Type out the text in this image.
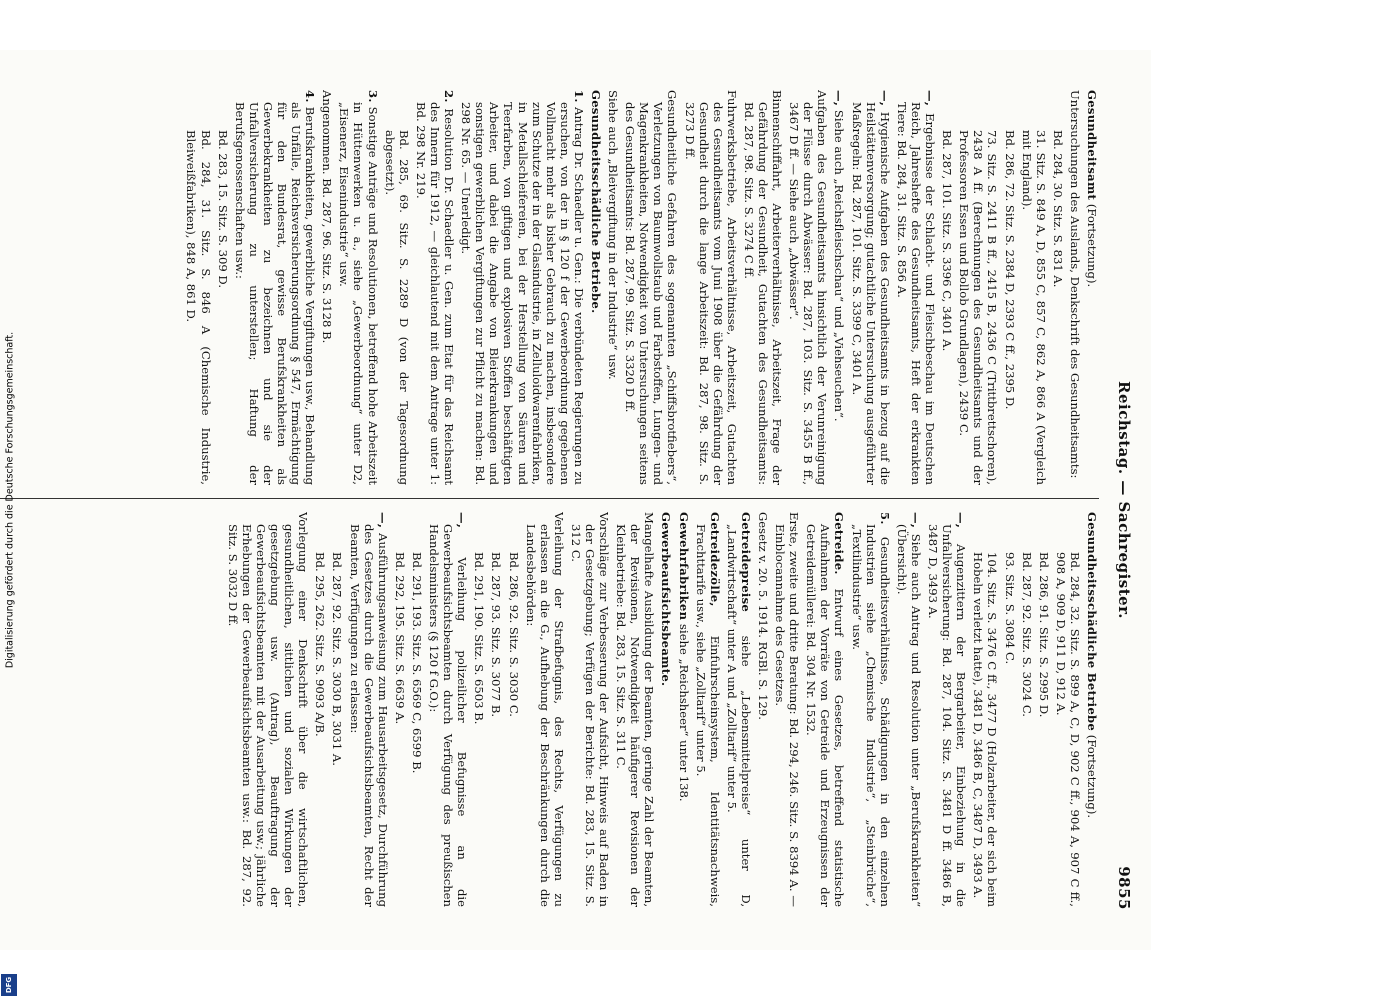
Reichstag. — Sachregister.
9855

Gesundheitsamt (Fortsetzung).

Untersuchungen des Auslands, Denkschrift des Gesundheitsamts:

Bd. 284, 30. Sitz. S. 831 A.

31. Sitz. S. 849 A, D, 855 C, 857 C, 862 A, 866 A (Vergleich mit England).

Bd. 286, 72. Sitz. S. 2384 D, 2393 C ff., 2395 D.

73. Sitz. S. 2411 B ff., 2415 B, 2436 C (Trittbrettschoren), 2438 A ff. (Berechnungen des Gesundheitsamts und der Professoren Essen und Bollob Grundlagen), 2439 C.

Bd. 287, 101. Sitz. S. 3396 C, 3401 A.

—, Ergebnisse der Schlacht- und Fleischbeschau im Deutschen Reich, Jahreshefte des Gesundheitsamts, Heft der erkrankten Tiere: Bd. 284, 31. Sitz. S. 856 A.

—, Hygienische Aufgaben des Gesundheitsamts in bezug auf die Heilstättenversorgung; gutachtliche Untersuchung ausgeführter Maßregeln: Bd. 287, 101. Sitz. S. 3399 C, 3401 A.

—, Siehe auch „Reichsfleischschau“ und „Viehseuchen“.

Aufgaben des Gesundheitsamts hinsichtlich der Verunreinigung der Flüsse durch Abwässer: Bd. 287, 103. Sitz. S. 3455 B ff., 3467 D ff. — Siehe auch „Abwässer“.

Binnenschiffahrt, Arbeiterverhältnisse, Arbeitszeit, Frage der Gefährdung der Gesundheit, Gutachten des Gesundheitsamts: Bd. 287, 98. Sitz. S. 3274 C ff.

Fuhrwerksbetriebe, Arbeitsverhältnisse, Arbeitszeit, Gutachten des Gesundheitsamts vom Juni 1908 über die Gefährdung der Gesundheit durch die lange Arbeitszeit: Bd. 287, 98. Sitz. S. 3273 D ff.

Gesundheitliche Gefahren des sogenannten „Schiffsbrotfiebers“, Verletzungen von Baumwollstaub und Farbstoffen, Lungen- und Magenkrankheiten, Notwendigkeit von Untersuchungen seitens des Gesundheitsamts: Bd. 287, 99. Sitz. S. 3320 D ff.

Siehe auch „Bleivergiftung in der Industrie“ usw.

Gesundheitsschädliche Betriebe.

1. Antrag Dr. Schaedler u. Gen.: Die verbündeten Regierungen zu ersuchen, von der in § 120 f der Gewerbeordnung gegebenen Vollmacht mehr als bisher Gebrauch zu machen, insbesondere zum Schutze der in der Glasindustrie, in Zelluloidwarenfabriken, in Metallschleifereien, bei der Herstellung von Säuren und Teerfarben, von giftigen und explosiven Stoffen beschäftigten Arbeiter, und dabei die Angabe von Bleierkrankungen und sonstigen gewerblichen Vergiftungen zur Pflicht zu machen: Bd. 298 Nr. 65. — Unerledigt.

2. Resolution Dr. Schaedler u. Gen. zum Etat für das Reichsamt des Innern für 1912, — gleichlautend mit dem Antrage unter 1: Bd. 298 Nr. 219.

Bd. 285, 69. Sitz. S. 2289 D (von der Tagesordnung abgesetzt).

3. Sonstige Anträge und Resolutionen, betreffend hohe Arbeitszeit in Hüttenwerken u. a., siehe „Gewerbeordnung“ unter D2, „Eisenerz, Eisenindustrie“ usw.

Angenommen. Bd. 287, 96. Sitz. S. 3128 B.

4. Berufskrankheiten, gewerbliche Vergiftungen usw., Behandlung als Unfälle, Reichsversicherungsordnung § 547, Ermächtigung für den Bundesrat, gewisse Berufskrankheiten als Gewerbekrankheiten zu bezeichnen und sie der Unfallversicherung zu unterstellen; Haftung der Berufsgenossenschaften usw.:

Bd. 283, 15. Sitz. S. 309 D.

Bd. 284, 31. Sitz. S. 846 A (Chemische Industrie, Bleiweißfabriken), 848 A, 861 D.

Gesundheitsschädliche Betriebe (Fortsetzung).

Bd. 284, 32. Sitz. S. 899 A, C, D, 902 C ff., 904 A, 907 C ff., 908 A, 909 D, 911 D, 912 A.

Bd. 286, 91. Sitz. S. 2995 D.

Bd. 287, 92. Sitz. S. 3024 C.

93. Sitz. S. 3084 C.

104. Sitz. S. 3476 C ff., 3477 D (Holzarbeiter, der sich beim Hobeln verletzt hatte), 3481 D, 3486 B, C, 3487 D, 3493 A.

—, Augenzittern der Bergarbeiter, Einbeziehung in die Unfallversicherung: Bd. 287, 104. Sitz. S. 3481 D ff. 3486 B, 3487 D, 3493 A.

—, Siehe auch Antrag und Resolution unter „Berufskrankheiten“ (Übersicht).

5. Gesundheitsverhältnisse, Schädigungen in den einzelnen Industrien siehe „Chemische Industrie“, „Steinbrüche“, „Textilindustrie“ usw.

Getreide. Entwurf eines Gesetzes, betreffend statistische Aufnahmen der Vorräte von Getreide und Erzeugnissen der Getreidemüllerei: Bd. 304 Nr. 1532.

Erste, zweite und dritte Beratung: Bd. 294, 246. Sitz. S. 8394 A. — Einblocannahme des Gesetzes.

Gesetz v. 20. 5. 1914. RGBl. S. 129.

Getreidepreise siehe „Lebensmittelpreise“ unter D, „Landwirtschaft“ unter A und „Zolltarif“ unter 5.

Getreidezölle, Einfuhrscheinsystem, Identitätsnachweis, Frachttarife usw., siehe „Zolltarif“ unter 5.

Gewehrfabriken siehe „Reichsheer“ unter 138.

Gewerbeaufsichtsbeamte.

Mangelhafte Ausbildung der Beamten, geringe Zahl der Beamten, der Revisionen, Notwendigkeit häufigerer Revisionen der Kleinbetriebe: Bd. 283, 15. Sitz. S. 311 C.

Vorschläge zur Verbesserung der Aufsicht, Hinweis auf Baden in der Gesetzgebung; Verfügen der Berichte: Bd. 283, 15. Sitz. S. 312 C.

Verleihung der Strafbefugnis, des Rechts, Verfügungen zu erlassen an die G., Aufhebung der Beschränkungen durch die Landesbehörden:

Bd. 286, 92. Sitz. S. 3030 C.

Bd. 287, 93. Sitz. S. 3077 B.

Bd. 291, 190. Sitz. S. 6503 B.

—, Verleihung polizeilicher Befugnisse an die Gewerbeaufsichtsbeamten durch Verfügung des preußischen Handelsministers (§ 120 f G.O.):

Bd. 291, 193. Sitz. S. 6569 C, 6599 B.

Bd. 292, 195. Sitz. S. 6639 A.

—, Ausführungsanweisung zum Hausarbeitsgesetz, Durchführung des Gesetzes durch die Gewerbeaufsichtsbeamten, Recht der Beamten, Verfügungen zu erlassen:

Bd. 287, 92. Sitz. S. 3030 B, 3031 A.

Bd. 295, 262. Sitz. S. 9093 A/B.

Vorlegung einer Denkschrift über die wirtschaftlichen, gesundheitlichen, sittlichen und sozialen Wirkungen der gesetzgebung usw. (Antrag), Beauftragung der Gewerbeaufsichtsbeamten mit der Ausarbeitung usw.; jährliche Erhebungen der Gewerbeaufsichtsbeamten usw.: Bd. 287, 92. Sitz. S. 3032 D ff.

Digitalisierung gefördert durch die Deutsche Forschungsgemeinschaft.
DFG
